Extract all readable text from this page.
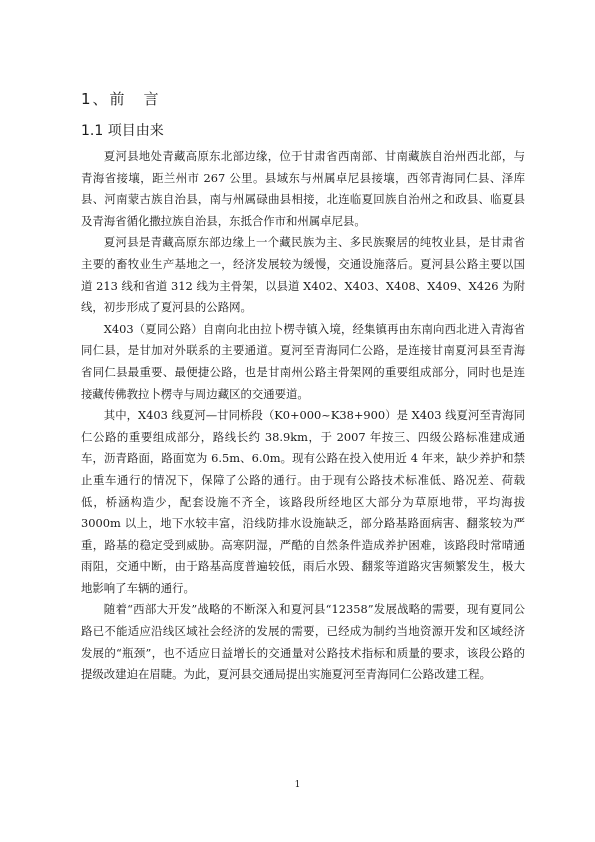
1、前　言
1.1 项目由来

夏河县地处青藏高原东北部边缘，位于甘肃省西南部、甘南藏族自治州西北部，与青海省接壤，距兰州市 267 公里。县域东与州属卓尼县接壤，西邻青海同仁县、泽库县、河南蒙古族自治县，南与州属碌曲县相接，北连临夏回族自治州之和政县、临夏县及青海省循化撒拉族自治县，东抵合作市和州属卓尼县。

夏河县是青藏高原东部边缘上一个藏民族为主、多民族聚居的纯牧业县，是甘肃省主要的畜牧业生产基地之一，经济发展较为缓慢，交通设施落后。夏河县公路主要以国道 213 线和省道 312 线为主骨架，以县道 X402、X403、X408、X409、X426 为附线，初步形成了夏河县的公路网。

X403（夏同公路）自南向北由拉卜楞寺镇入境，经集镇再由东南向西北进入青海省同仁县，是甘加对外联系的主要通道。夏河至青海同仁公路，是连接甘南夏河县至青海省同仁县最重要、最便捷公路，也是甘南州公路主骨架网的重要组成部分，同时也是连接藏传佛教拉卜楞寺与周边藏区的交通要道。

其中，X403 线夏河—甘同桥段（K0+000~K38+900）是 X403 线夏河至青海同仁公路的重要组成部分，路线长约 38.9km，于 2007 年按三、四级公路标准建成通车，沥青路面，路面宽为 6.5m、6.0m。现有公路在投入使用近 4 年来，缺少养护和禁止重车通行的情况下，保障了公路的通行。由于现有公路技术标准低、路况差、荷载低，桥涵构造少，配套设施不齐全，该路段所经地区大部分为草原地带，平均海拔 3000m 以上，地下水较丰富，沿线防排水设施缺乏，部分路基路面病害、翻浆较为严重，路基的稳定受到威胁。高寒阴湿，严酷的自然条件造成养护困难，该路段时常晴通雨阻，交通中断，由于路基高度普遍较低，雨后水毁、翻浆等道路灾害频繁发生，极大地影响了车辆的通行。

随着“西部大开发”战略的不断深入和夏河县“12358”发展战略的需要，现有夏同公路已不能适应沿线区域社会经济的发展的需要，已经成为制约当地资源开发和区域经济发展的“瓶颈”，也不适应日益增长的交通量对公路技术指标和质量的要求，该段公路的提级改建迫在眉睫。为此，夏河县交通局提出实施夏河至青海同仁公路改建工程。

1
